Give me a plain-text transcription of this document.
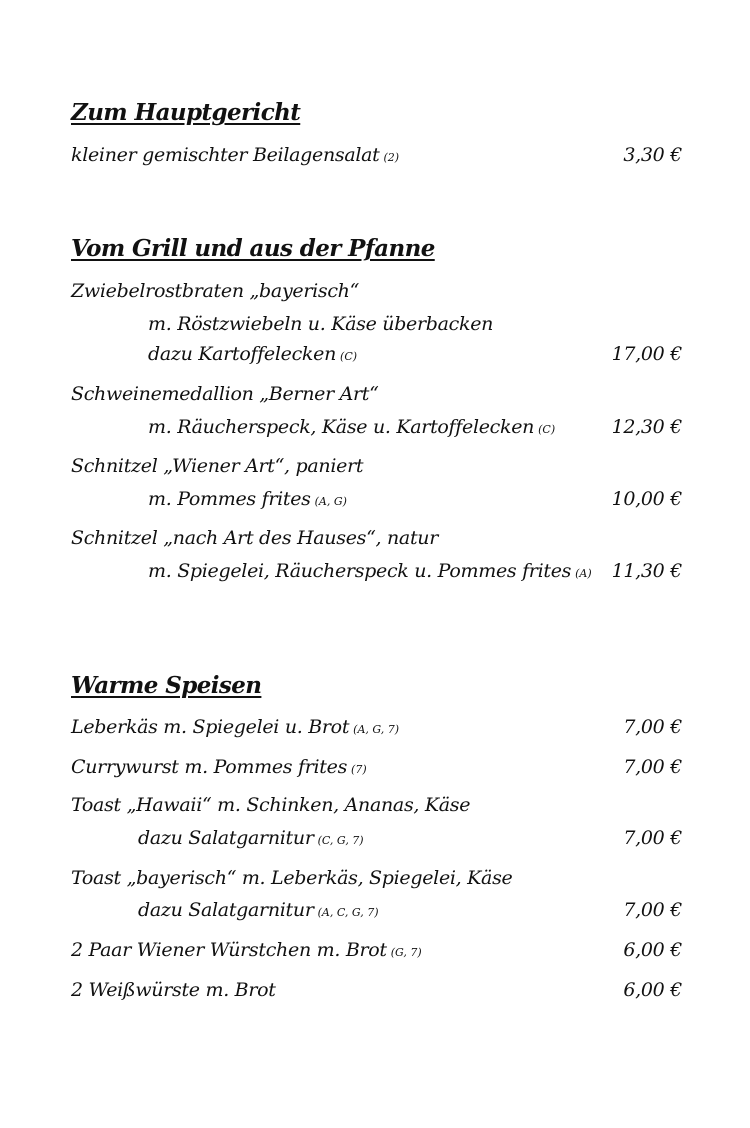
Zum Hauptgericht
kleiner gemischter Beilagensalat (2)	3,30 €
Vom Grill und aus der Pfanne
Zwiebelrostbraten „bayerisch“
m. Röstzwiebeln u. Käse überbacken
dazu Kartoffelecken (C)	17,00 €
Schweinemedallion „Berner Art“
m. Räucherspeck, Käse u. Kartoffelecken (C)	12,30 €
Schnitzel „Wiener Art“, paniert
m. Pommes frites (A, G)	10,00 €
Schnitzel „nach Art des Hauses“, natur
m. Spiegelei, Räucherspeck u. Pommes frites (A) 11,30 €
Warme Speisen
Leberkäs m. Spiegelei u. Brot (A, G, 7)	7,00 €
Currywurst m. Pommes frites (7)	7,00 €
Toast „Hawaii“ m. Schinken, Ananas, Käse
dazu Salatgarnitur (C, G, 7)	7,00 €
Toast „bayerisch“ m. Leberkäs, Spiegelei, Käse
dazu Salatgarnitur (A, C, G, 7)	7,00 €
2 Paar Wiener Würstchen m. Brot (G, 7)	6,00 €
2 Weißwürste m. Brot	6,00 €
